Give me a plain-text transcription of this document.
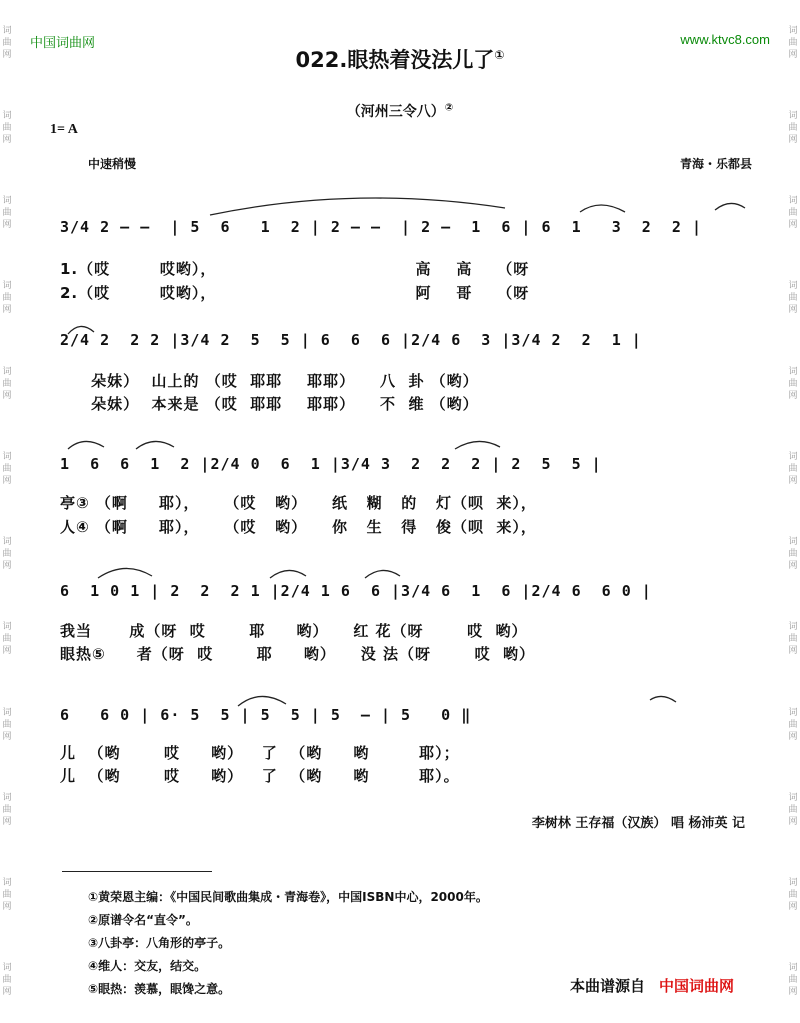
词
曲
网
词
曲
网
词
曲
网
词
曲
网
词
曲
网
词
曲
网
词
曲
网
词
曲
网
词
曲
网
词
曲
网
词
曲
网
词
曲
网
词
曲
网
词
曲
网
词
曲
网
词
曲
网
词
曲
网
词
曲
网
词
曲
网
词
曲
网
词
曲
网
词
曲
网
词
曲
网
词
曲
网
中国词曲网	www.ktvc8.com
022.眼热着没法儿了①
（河州三令八）②
1= A
中速稍慢	青海・乐都县
3/4 2 — —  | 5  6   1  2 | 2 — —  | 2 —  1  6 | 6  1   3  2  2 |
1.（哎        哎哟），                                高    高    （呀
2.（哎        哎哟），                                阿    哥    （呀
2/4 2  2 2 |3/4 2  5  5 | 6  6  6 |2/4 6  3 |3/4 2  2  1 |
朵妹）  山上的 （哎  耶耶    耶耶）    八  卦 （哟）
朵妹）  本来是 （哎  耶耶    耶耶）    不  维 （哟）
1  6  6  1  2 |2/4 0  6  1 |3/4 3  2  2  2 | 2  5  5 |
亭③ （啊     耶），    （哎   哟）    纸   糊   的   灯（呗  来），
人④ （啊     耶），    （哎   哟）    你   生   得   俊（呗  来），
6  1 0 1 | 2  2  2 1 |2/4 1 6  6 |3/4 6  1  6 |2/4 6  6 0 |
我当      成（呀  哎       耶     哟）    红 花（呀       哎  哟）
眼热⑤     者（呀  哎       耶     哟）    没 法（呀       哎  哟）
6   6 0 | 6· 5  5 | 5  5 | 5  — | 5   0 ‖
儿  （哟       哎     哟）   了  （哟     哟        耶）；
儿  （哟       哎     哟）   了  （哟     哟        耶）。
李树林 王存福（汉族） 唱 杨沛英 记
①黄荣恩主编：《中国民间歌曲集成・青海卷》，中国ISBN中心，2000年。
②原谱令名“直令”。
③八卦亭：八角形的亭子。
④维人：交友，结交。
⑤眼热：羡慕，眼馋之意。	本曲谱源自 中国词曲网
